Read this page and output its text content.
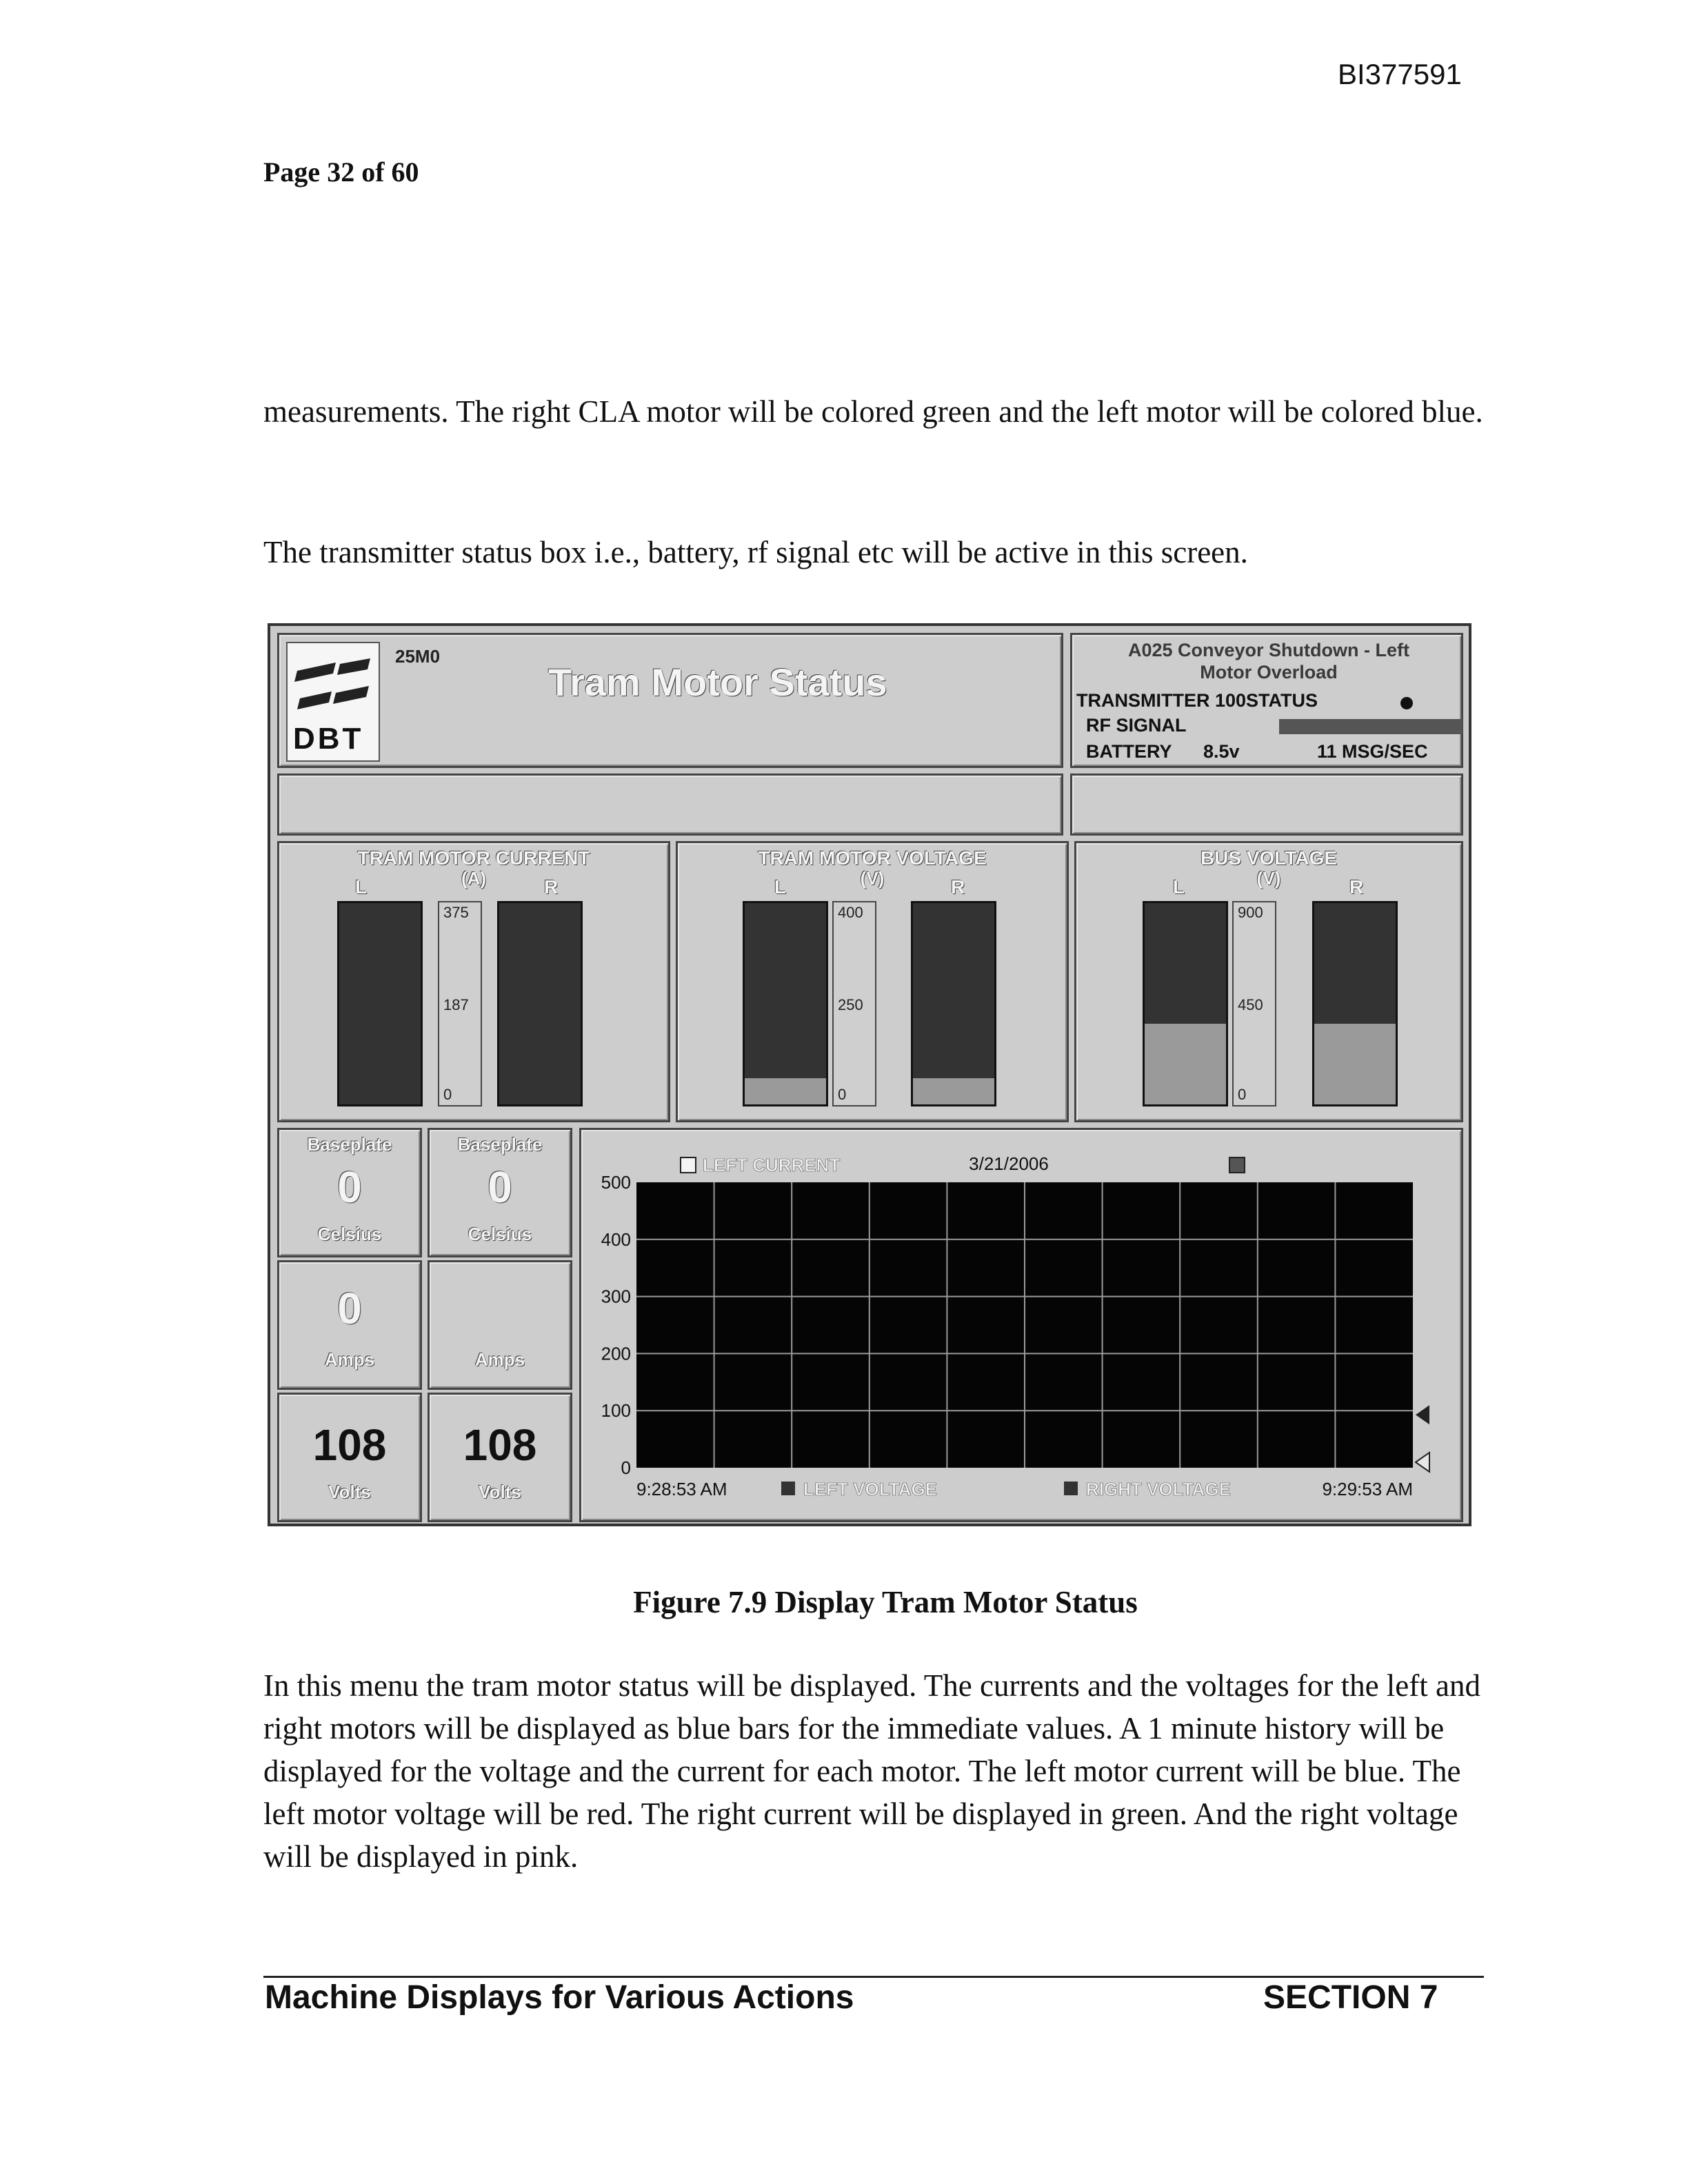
BI377591
Page 32 of 60
measurements. The right CLA motor will be colored green and the left motor will be colored blue.
The transmitter status box i.e., battery, rf signal etc will be active in this screen.
DBT
25M0
Tram Motor Status
A025 Conveyor Shutdown - Left
Motor Overload
TRANSMITTER 100STATUS
RF SIGNAL
BATTERY 8.5v	11 MSG/SEC
TRAM MOTOR CURRENT
(A)
L	R
375
187
0
TRAM MOTOR VOLTAGE
(V)
L	R
400
250
0
BUS VOLTAGE
(V)
L	R
900
450
0
Baseplate
0
Celsius
Baseplate
0
Celsius
0
Amps	Amps
108
Volts
108
Volts
500
400
300
200
100
0
LEFT CURRENT	3/21/2006
9:28:53 AM	LEFT VOLTAGE	RIGHT VOLTAGE	9:29:53 AM
Figure 7.9 Display Tram Motor Status
In this menu the tram motor status will be displayed. The currents and the voltages for the left and right motors will be displayed as blue bars for the immediate values. A 1 minute history will be displayed for the voltage and the current for each motor. The left motor current will be blue. The left motor voltage will be red. The right current will be displayed in green. And the right voltage will be displayed in pink.
Machine Displays for Various Actions	SECTION 7
